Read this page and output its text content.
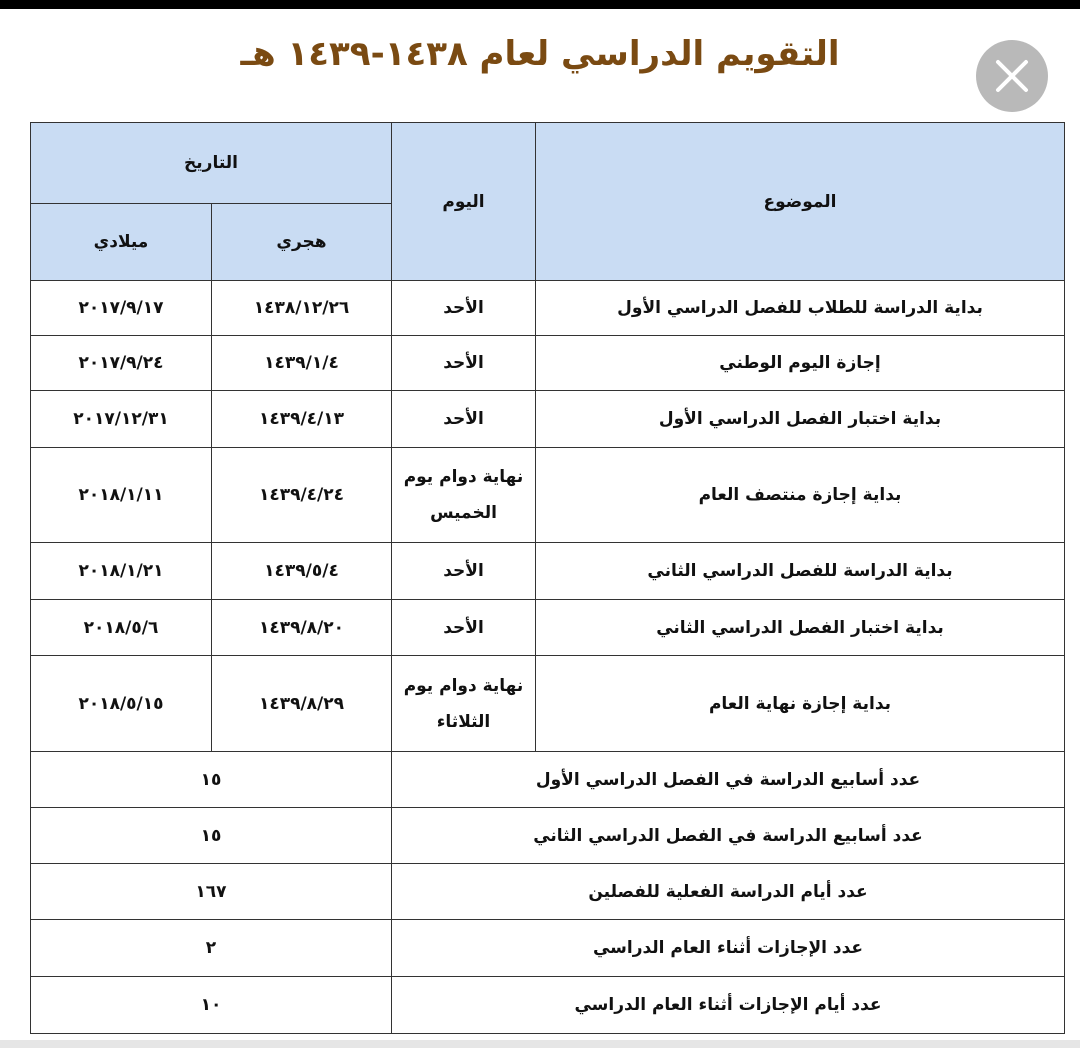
التقويم الدراسي لعام ١٤٣٨-١٤٣٩ هـ
الموضوع	اليوم	التاريخ	
		هجري	ميلادي
بداية الدراسة للطلاب للفصل الدراسي الأول	الأحد	١٤٣٨/١٢/٢٦	٢٠١٧/٩/١٧
إجازة اليوم الوطني	الأحد	١٤٣٩/١/٤	٢٠١٧/٩/٢٤
بداية اختبار الفصل الدراسي الأول	الأحد	١٤٣٩/٤/١٣	٢٠١٧/١٢/٣١
بداية إجازة منتصف العام	نهاية دوام يوم الخميس	١٤٣٩/٤/٢٤	٢٠١٨/١/١١
بداية الدراسة للفصل الدراسي الثاني	الأحد	١٤٣٩/٥/٤	٢٠١٨/١/٢١
بداية اختبار الفصل الدراسي الثاني	الأحد	١٤٣٩/٨/٢٠	٢٠١٨/٥/٦
بداية إجازة نهاية العام	نهاية دوام يوم الثلاثاء	١٤٣٩/٨/٢٩	٢٠١٨/٥/١٥
عدد أسابيع الدراسة في الفصل الدراسي الأول		١٥	
عدد أسابيع الدراسة في الفصل الدراسي الثاني		١٥	
عدد أيام الدراسة الفعلية للفصلين		١٦٧	
عدد الإجازات أثناء العام الدراسي		٢	
عدد أيام الإجازات أثناء العام الدراسي		١٠	
